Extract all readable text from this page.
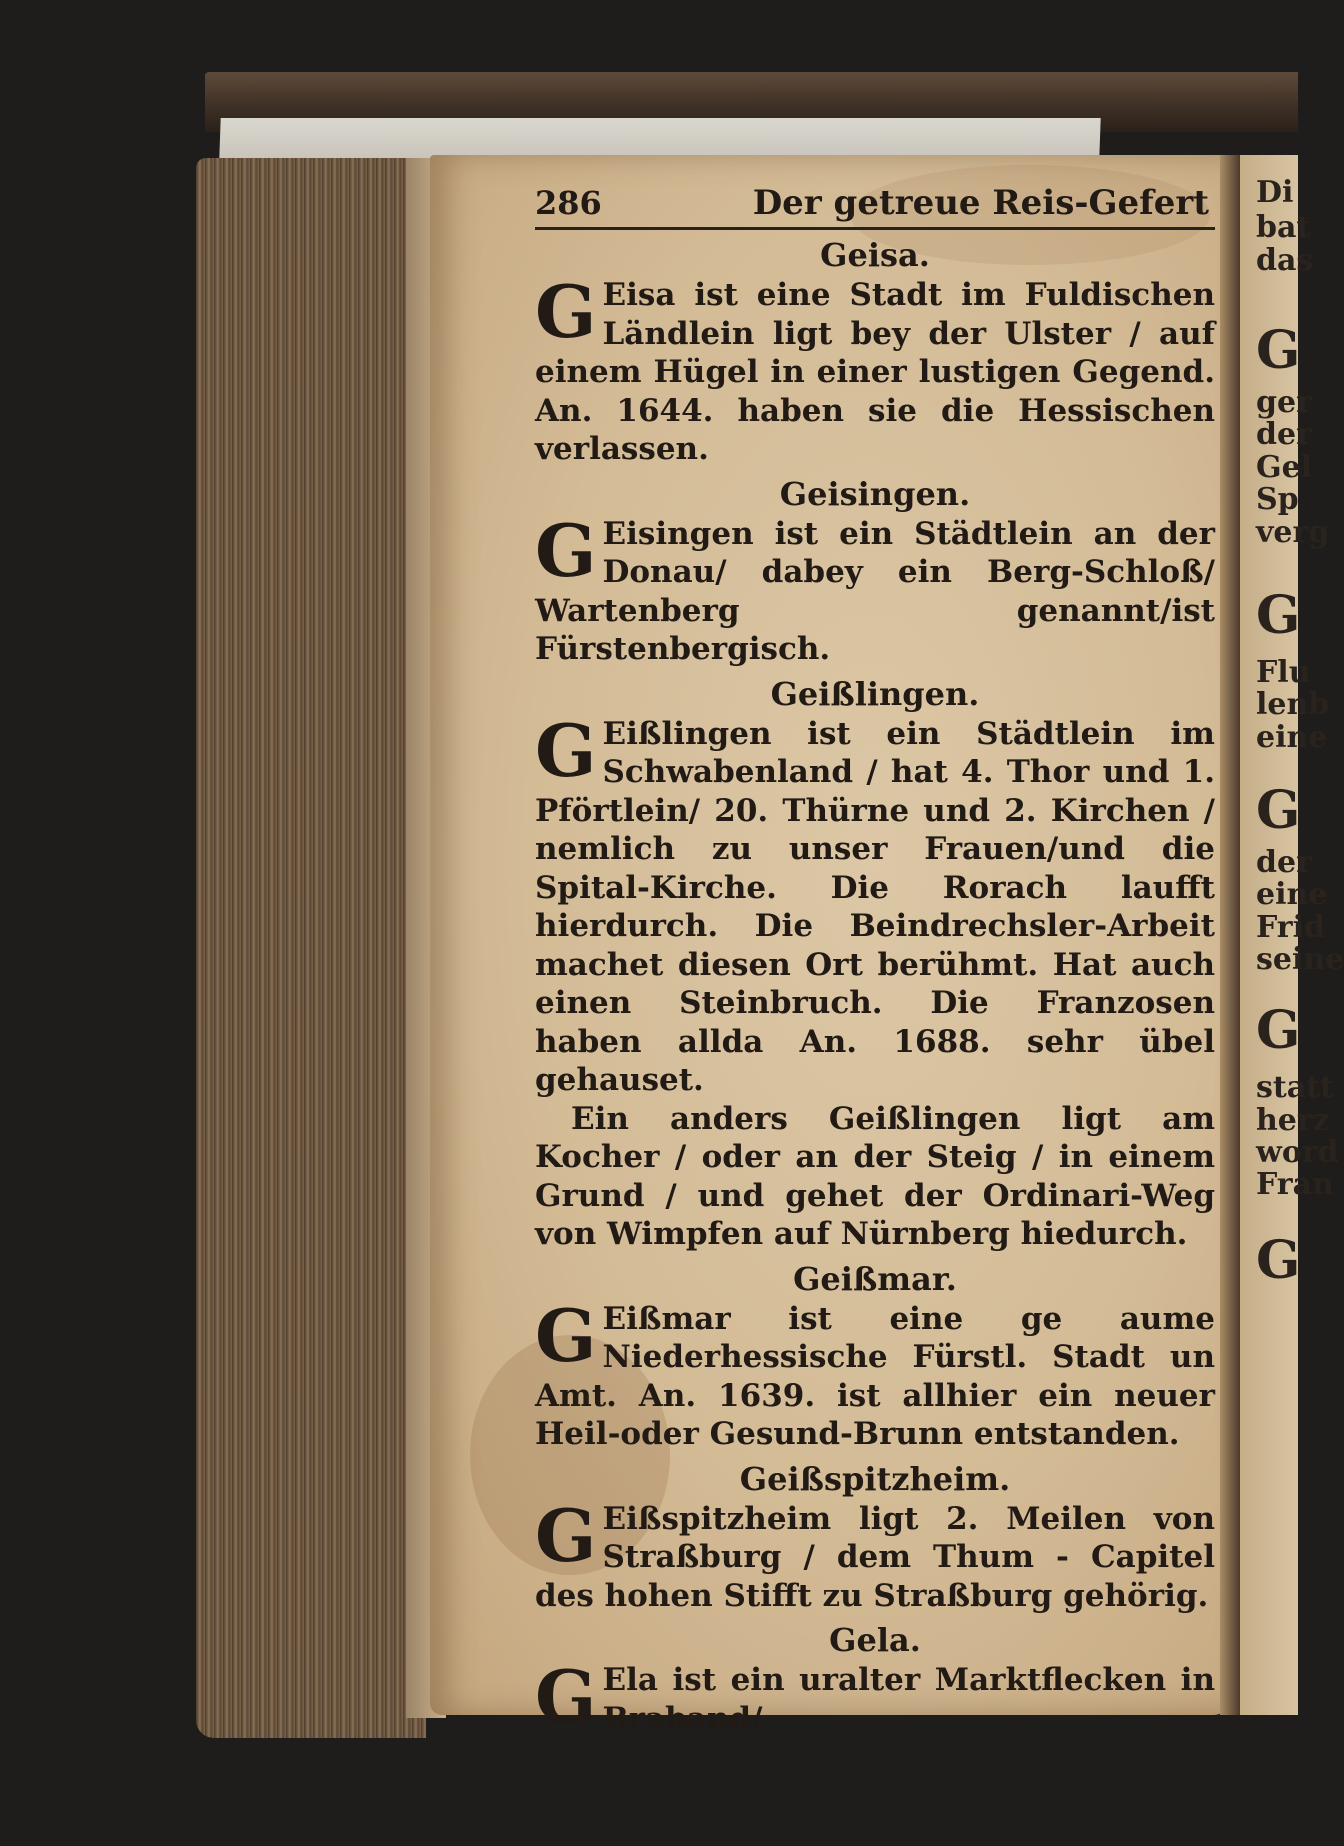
Di
bat
das
G
ger
der
Gel
Sp
verg
G
Flu
lenb
eine
G
der
eine
Frid
seine
G
statt
herz
word
Fran
G
286	Der getreue Reis-Gefert
Geisa.

G Eisa ist eine Stadt im Fuldischen Ländlein ligt bey der Ulster / auf einem Hügel in einer lustigen Gegend. An. 1644. haben sie die Hessischen verlassen.

Geisingen.

G Eisingen ist ein Städtlein an der Donau/ dabey ein Berg-Schloß/ Wartenberg genannt/ist Fürstenbergisch.

Geißlingen.

G Eißlingen ist ein Städtlein im Schwabenland / hat 4. Thor und 1. Pförtlein/ 20. Thürne und 2. Kirchen / nemlich zu unser Frauen/und die Spital-Kirche. Die Rorach laufft hierdurch. Die Beindrechsler-Arbeit machet diesen Ort berühmt. Hat auch einen Steinbruch. Die Franzosen haben allda An. 1688. sehr übel gehauset.

Ein anders Geißlingen ligt am Kocher / oder an der Steig / in einem Grund / und gehet der Ordinari-Weg von Wimpfen auf Nürnberg hiedurch.

Geißmar.

G Eißmar ist eine ge aume Niederhessische Fürstl. Stadt un Amt. An. 1639. ist allhier ein neuer Heil-oder Gesund-Brunn entstanden.

Geißspitzheim.

G Eißspitzheim ligt 2. Meilen von Straßburg / dem Thum - Capitel des hohen Stifft zu Straßburg gehörig.

Gela.

G Ela ist ein uralter Marktflecken in Braband/
